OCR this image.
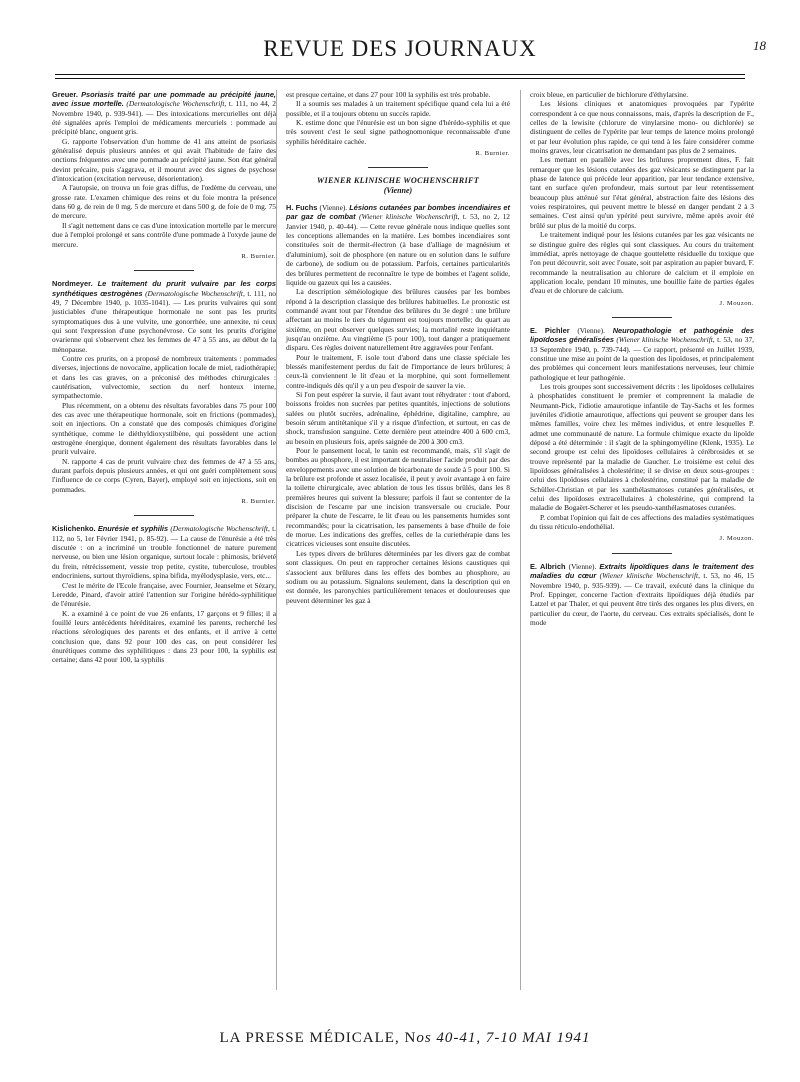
REVUE DES JOURNAUX	18

Greuer. Psoriasis traité par une pommade au précipité jaune, avec issue mortelle. (Dermatologische Wochenschrift, t. 111, no 44, 2 Novembre 1940, p. 939-941). — Des intoxications mercurielles ont déjà été signalées après l'emploi de médicaments mercuriels : pommade au précipité blanc, onguent gris.

G. rapporte l'observation d'un homme de 41 ans atteint de psoriasis généralisé depuis plusieurs années et qui avait l'habitude de faire des onctions fréquentes avec une pommade au précipité jaune. Son état général devint précaire, puis s'aggrava, et il mourut avec des signes de psychose d'intoxication (excitation nerveuse, désorientation).

A l'autopsie, on trouva un foie gras diffus, de l'œdème du cerveau, une grosse rate. L'examen chimique des reins et du foie montra la présence dans 60 g. de rein de 0 mg. 5 de mercure et dans 500 g. de foie de 0 mg. 75 de mercure.

Il s'agit nettement dans ce cas d'une intoxication mortelle par le mercure due à l'emploi prolongé et sans contrôle d'une pommade à l'oxyde jaune de mercure.

R. Burnier.

Nordmeyer. Le traitement du prurit vulvaire par les corps synthétiques œstrogènes (Dermatologische Wochenschrift, t. 111, no 49, 7 Décembre 1940, p. 1035-1041). — Les prurits vulvaires qui sont justiciables d'une thérapeutique hormonale ne sont pas les prurits symptomatiques dus à une vulvite, une gonorrhée, une annexite, ni ceux qui sont l'expression d'une psychonévrose. Ce sont les prurits d'origine ovarienne qui s'observent chez les femmes de 47 à 55 ans, au début de la ménopause.

Contre ces prurits, on a proposé de nombreux traitements : pommades diverses, injections de novocaïne, application locale de miel, radiothérapie; et dans les cas graves, on a préconisé des méthodes chirurgicales : cautérisation, vulvectomie, section du nerf honteux interne, sympathectomie.

Plus récemment, on a obtenu des résultats favorables dans 75 pour 100 des cas avec une thérapeutique hormonale, soit en frictions (pommades), soit en injections. On a constaté que des composés chimiques d'origine synthétique, comme le diéthyldioxystilbène, qui possèdent une action œstrogène énergique, donnent également des résultats favorables dans le prurit vulvaire.

N. rapporte 4 cas de prurit vulvaire chez des femmes de 47 à 55 ans, durant parfois depuis plusieurs années, et qui ont guéri complètement sous l'influence de ce corps (Cyren, Bayer), employé soit en injections, soit en pommades.

R. Burnier.

Kislichenko. Enurésie et syphilis (Dermatologische Wochenschrift, t. 112, no 5, 1er Février 1941, p. 85-92). — La cause de l'énurésie a été très discutée : on a incriminé un trouble fonctionnel de nature purement nerveuse, ou bien une lésion organique, surtout locale : phimosis, briéveté du frein, rétrécissement, vessie trop petite, cystite, tuberculose, troubles endocriniens, surtout thyroïdiens, spina bifida, myélodysplasie, vers, etc...

C'est le mérite de l'Ecole française, avec Fournier, Jeanselme et Sézary, Leredde, Pinard, d'avoir attiré l'attention sur l'origine hérédo-syphilitique de l'énurésie.

K. a examiné à ce point de vue 26 enfants, 17 garçons et 9 filles; il a fouillé leurs antécédents héréditaires, examiné les parents, recherché les réactions sérologiques des parents et des enfants, et il arrive à cette conclusion que, dans 92 pour 100 des cas, on peut considérer les énurétiques comme des syphilitiques : dans 23 pour 100, la syphilis est certaine; dans 42 pour 100, la syphilis

est presque certaine, et dans 27 pour 100 la syphilis est très probable.

Il a soumis ses malades à un traitement spécifique quand cela lui a été possible, et il a toujours obtenu un succès rapide.

K. estime donc que l'énurésie est un bon signe d'hérédo-syphilis et que très souvent c'est le seul signe pathognomonique reconnaissable d'une syphilis héréditaire cachée.

R. Burnier.
WIENER KLINISCHE WOCHENSCHRIFT
(Vienne)

H. Fuchs (Vienne). Lésions cutanées par bombes incendiaires et par gaz de combat (Wiener klinische Wochenschrift, t. 53, no 2, 12 Janvier 1940, p. 40-44). — Cette revue générale nous indique quelles sont les conceptions allemandes en la matière. Les bombes incendiaires sont constituées soit de thermit-électron (à base d'alliage de magnésium et d'aluminium), soit de phosphore (en nature ou en solution dans le sulfure de carbone), de sodium ou de potassium. Parfois, certaines particularités des brûlures permettent de reconnaître le type de bombes et l'agent solide, liquide ou gazeux qui les a causées.

La description séméiologique des brûlures causées par les bombes répond à la description classique des brûlures habituelles. Le pronostic est commandé avant tout par l'étendue des brûlures du 3e degré : une brûlure affectant au moins le tiers du tégument est toujours mortelle; du quart au sixième, on peut observer quelques survies; la mortalité reste inquiétante jusqu'au onzième. Au vingtième (5 pour 100), tout danger a pratiquement disparu. Ces règles doivent naturellement être aggravées pour l'enfant.

Pour le traitement, F. isole tout d'abord dans une classe spéciale les blessés manifestement perdus du fait de l'importance de leurs brûlures; à ceux-là conviennent le lit d'eau et la morphine, qui sont formellement contre-indiqués dès qu'il y a un peu d'espoir de sauver la vie.

Si l'on peut espérer la survie, il faut avant tout réhydrater : tout d'abord, boissons froides non sucrées par petites quantités, injections de solutions salées ou plutôt sucrées, adrénaline, éphédrine, digitaline, camphre, au besoin sérum antitétanique s'il y a risque d'infection, et surtout, en cas de shock, transfusion sanguine. Cette dernière peut atteindre 400 à 600 cm3, au besoin en plusieurs fois, après saignée de 200 à 300 cm3.

Pour le pansement local, le tanin est recommandé, mais, s'il s'agit de bombes au phosphore, il est important de neutraliser l'acide produit par des enveloppements avec une solution de bicarbonate de soude à 5 pour 100. Si la brûlure est profonde et assez localisée, il peut y avoir avantage à en faire la toilette chirurgicale, avec ablation de tous les tissus brûlés, dans les 8 premières heures qui suivent la blessure; parfois il faut se contenter de la discision de l'escarre par une incision transversale ou cruciale. Pour préparer la chute de l'escarre, le lit d'eau ou les pansements humides sont recommandés; pour la cicatrisation, les pansements à base d'huile de foie de morue. Les indications des greffes, celles de la curiethérapie dans les cicatrices vicieuses sont ensuite discutées.

Les types divers de brûlures déterminées par les divers gaz de combat sont classiques. On peut en rapprocher certaines lésions caustiques qui s'associent aux brûlures dans les effets des bombes au phosphore, au sodium ou au potassium. Signalons seulement, dans la description qui en est donnée, les paronychies particulièrement tenaces et douloureuses que peuvent déterminer les gaz à

croix bleue, en particulier de bichlorure d'éthylarsine.

Les lésions cliniques et anatomiques provoquées par l'ypérite correspondent à ce que nous connaissons, mais, d'après la description de F., celles de la lewisite (chlorure de vinylarsine mono- ou dichlorée) se distinguent de celles de l'ypérite par leur temps de latence moins prolongé et par leur évolution plus rapide, ce qui tend à les faire considérer comme moins graves, leur cicatrisation ne demandant pas plus de 2 semaines.

Les mettant en parallèle avec les brûlures proprement dites, F. fait remarquer que les lésions cutanées des gaz vésicants se distinguent par la phase de latence qui précède leur apparition, par leur tendance extensive, tant en surface qu'en profondeur, mais surtout par leur retentissement beaucoup plus atténué sur l'état général, abstraction faite des lésions des voies respiratoires, qui peuvent mettre le blessé en danger pendant 2 à 3 semaines. C'est ainsi qu'un ypérité peut survivre, même après avoir été brûlé sur plus de la moitié du corps.

Le traitement indiqué pour les lésions cutanées par les gaz vésicants ne se distingue guère des règles qui sont classiques. Au cours du traitement immédiat, après nettoyage de chaque gouttelette résiduelle du toxique que l'on peut découvrir, soit avec l'ouate, soit par aspiration au papier buvard, F. recommande la neutralisation au chlorure de calcium et il emploie en application locale, pendant 10 minutes, une bouillie faite de parties égales d'eau et de chlorure de calcium.

J. Mouzon.

E. Pichler (Vienne). Neuropathologie et pathogénie des lipoïdoses généralisées (Wiener klinische Wochenschrift, t. 53, no 37, 13 Septembre 1940, p. 739-744). — Ce rapport, présenté en Juillet 1939, constitue une mise au point de la question des lipoïdoses, et principalement des problèmes qui concernent leurs manifestations nerveuses, leur chimie pathologique et leur pathogénie.

Les trois groupes sont successivement décrits : les lipoïdoses cellulaires à phosphatides constituent le premier et comprennent la maladie de Neumann-Pick, l'idiotie amaurotique infantile de Tay-Sachs et les formes juvéniles d'idiotie amaurotique, affections qui peuvent se grouper dans les mêmes familles, voire chez les mêmes individus, et entre lesquelles P. admet une communauté de nature. La formule chimique exacte du lipoïde déposé a été déterminée : il s'agit de la sphingomyéline (Klenk, 1935). Le second groupe est celui des lipoïdoses cellulaires à cérébrosides et se trouve représenté par la maladie de Gaucher. Le troisième est celui des lipoïdoses généralisées à cholestérine; il se divise en deux sous-groupes : celui des lipoïdoses cellulaires à cholestérine, constitué par la maladie de Schüller-Christian et par les xanthélasmatoses cutanées généralisées, et celui des lipoïdoses extracellulaires à cholestérine, qui comprend la maladie de Bogaërt-Scherer et les pseudo-xanthélasmatoses cutanées.

P. combat l'opinion qui fait de ces affections des maladies systématiques du tissu réticulo-endothélial.

J. Mouzon.

E. Albrich (Vienne). Extraits lipoïdiques dans le traitement des maladies du cœur (Wiener klinische Wochenschrift, t. 53, no 46, 15 Novembre 1940, p. 935-939). — Ce travail, exécuté dans la clinique du Prof. Eppinger, concerne l'action d'extraits lipoïdiques déjà étudiés par Latzel et par Thaler, et qui peuvent être tirés des organes les plus divers, en particulier du cœur, de l'aorte, du cerveau. Ces extraits spécialisés, dont le mode

LA PRESSE MÉDICALE, Nos 40-41, 7-10 MAI 1941
